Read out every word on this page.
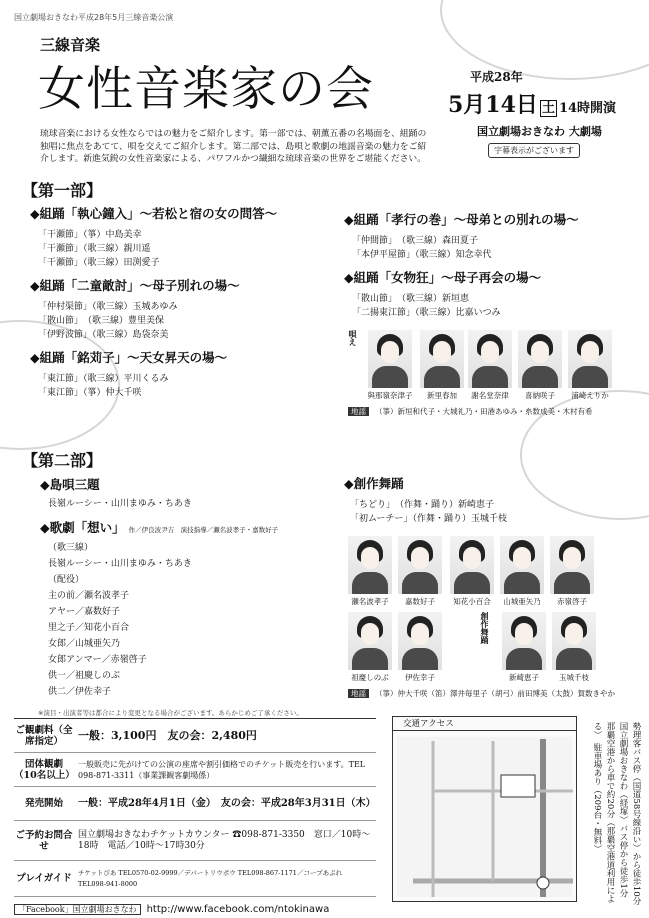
国立劇場おきなわ平成28年5月三線音楽公演
三線音楽
女性音楽家の会	平成28年
5月14日 土 14時開演
国立劇場おきなわ 大劇場
字幕表示がございます
琉球音楽における女性ならではの魅力をご紹介します。第一部では、朝薫五番の名場面を、組踊の独唱に焦点をあてて、唄を交えてご紹介します。第二部では、島唄と歌劇の地謡音楽の魅力をご紹介します。新進気鋭の女性音楽家による、パワフルかつ繊細な琉球音楽の世界をご堪能ください。
【第一部】
◆組踊「執心鐘入」～若松と宿の女の問答～
「干瀬節」（箏）中島美幸
「干瀬節」（歌三線）親川遥
「干瀬節」（歌三線）田渕愛子
◆組踊「二童敵討」～母子別れの場～
「仲村渠節」（歌三線）玉城あゆみ
「散山節」　（歌三線）豊里美保
「伊野波節」（歌三線）島袋奈美
◆組踊「銘苅子」～天女昇天の場～
「東江節」（歌三線）平川くるみ
「東江節」（箏）仲大千咲
◆組踊「孝行の巻」～母弟との別れの場～
「仲間節」　（歌三線）森田夏子
「本伊平屋節」（歌三線）知念幸代
◆組踊「女物狂」～母子再会の場～
「散山節」　（歌三線）新垣恵
「二揚東江節」（歌三線）比嘉いつみ
唄え
與那嶺奈津子	新里春加	謝名堂奈律	喜納咲子	浦崎えりか
地謡 （箏）新垣和代子・大城礼乃・田港あゆみ・糸数成美・木村有希
【第二部】
◆島唄三題
長嶺ルーシー・山川まゆみ・ちあき
◆歌劇「想い」 作／伊良波尹吉　演技指導／瀬名波孝子・嘉数好子
（歌三線）
長嶺ルーシー・山川まゆみ・ちあき
（配役）
主の前／瀬名波孝子
アヤー／嘉数好子
里之子／知花小百合
女郎／山城亜矢乃
女郎アンマー／赤嶺啓子
供一／祖慶しのぶ
供二／伊佐幸子
◆創作舞踊
「ちどり」　（作舞・踊り）新崎恵子
「初ムーチー」（作舞・踊り）玉城千枝
瀬名波孝子	嘉数好子	知花小百合	山城亜矢乃	赤嶺啓子
創作舞踊
祖慶しのぶ	伊佐幸子	新崎恵子	玉城千枝
地謡 （箏）仲大千咲（笛）澤井毎里子（胡弓）前田博美（太鼓）賀数きやか
※演目・出演者等は都合により変更となる場合がございます。あらかじめご了承ください。
ご観劇料（全席指定）	一般：3,100円　友の会：2,480円
団体観劇（10名以上）
一般販売に先がけての公演の座席や割引価格でのチケット販売を行います。TEL 098-871-3311（事業課観客劇場係）
発売開始	一般：平成28年4月1日（金）　友の会：平成28年3月31日（木）
ご予約お問合せ
国立劇場おきなわチケットカウンター ☎098-871-3350　窓口／10時～18時　電話／10時～17時30分
プレイガイド
チケットぴあ TEL0570-02-9999／デパートリウボウ TEL098-867-1171／コープあぷれ TEL098-941-8000
交通アクセス	勢理客バス停（国道58号線沿い）から徒歩10分　国立劇場おきなわ（経塚）バス停から徒歩1分　那覇空港から車で約20分（那覇空港道利用による）　駐車場あり（209台・無料）
「Facebook」国立劇場おきなわ http://www.facebook.com/ntokinawa
